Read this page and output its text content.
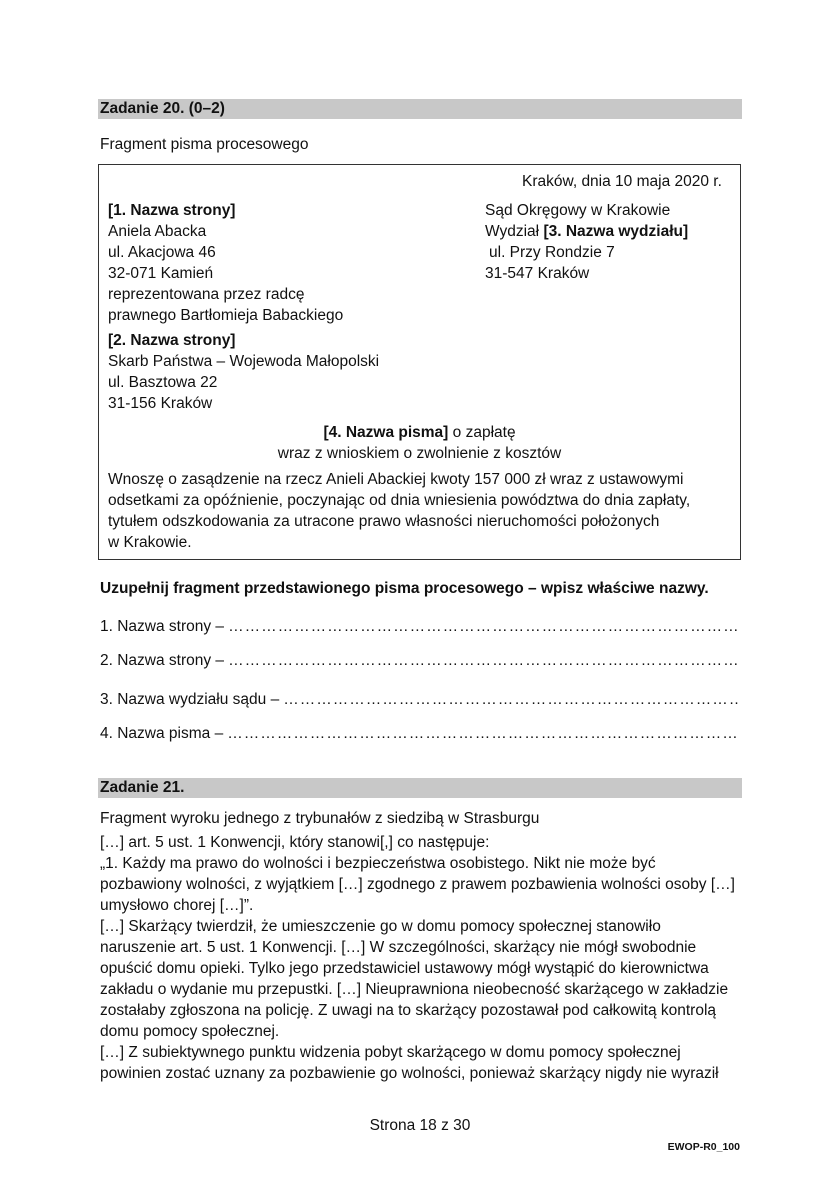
Zadanie 20. (0–2)
Fragment pisma procesowego
Kraków, dnia 10 maja 2020 r.
[1. Nazwa strony]
Aniela Abacka
ul. Akacjowa 46
32-071 Kamień
reprezentowana przez radcę
prawnego Bartłomieja Babackiego
Sąd Okręgowy w Krakowie
Wydział [3. Nazwa wydziału]
ul. Przy Rondzie 7
31-547 Kraków
[2. Nazwa strony]
Skarb Państwa – Wojewoda Małopolski
ul. Basztowa 22
31-156 Kraków
[4. Nazwa pisma] o zapłatę
wraz z wnioskiem o zwolnienie z kosztów
Wnoszę o zasądzenie na rzecz Anieli Abackiej kwoty 157 000 zł wraz z ustawowymi
odsetkami za opóźnienie, poczynając od dnia wniesienia powództwa do dnia zapłaty,
tytułem odszkodowania za utracone prawo własności nieruchomości położonych
w Krakowie.
Uzupełnij fragment przedstawionego pisma procesowego – wpisz właściwe nazwy.
1. Nazwa strony –
……………………………………………………………………………………………………………………………………………………
2. Nazwa strony –
……………………………………………………………………………………………………………………………………………………
3. Nazwa wydziału sądu –
……………………………………………………………………………………………………………………………………………………
4. Nazwa pisma –
……………………………………………………………………………………………………………………………………………………
Zadanie 21.
Fragment wyroku jednego z trybunałów z siedzibą w Strasburgu
[…] art. 5 ust. 1 Konwencji, który stanowi[,] co następuje:
„1. Każdy ma prawo do wolności i bezpieczeństwa osobistego. Nikt nie może być
pozbawiony wolności, z wyjątkiem […] zgodnego z prawem pozbawienia wolności osoby […]
umysłowo chorej […]”.
[…] Skarżący twierdził, że umieszczenie go w domu pomocy społecznej stanowiło
naruszenie art. 5 ust. 1 Konwencji. […] W szczególności, skarżący nie mógł swobodnie
opuścić domu opieki. Tylko jego przedstawiciel ustawowy mógł wystąpić do kierownictwa
zakładu o wydanie mu przepustki. […] Nieuprawniona nieobecność skarżącego w zakładzie
zostałaby zgłoszona na policję. Z uwagi na to skarżący pozostawał pod całkowitą kontrolą
domu pomocy społecznej.
[…] Z subiektywnego punktu widzenia pobyt skarżącego w domu pomocy społecznej
powinien zostać uznany za pozbawienie go wolności, ponieważ skarżący nigdy nie wyraził
Strona 18 z 30
EWOP-R0_100
